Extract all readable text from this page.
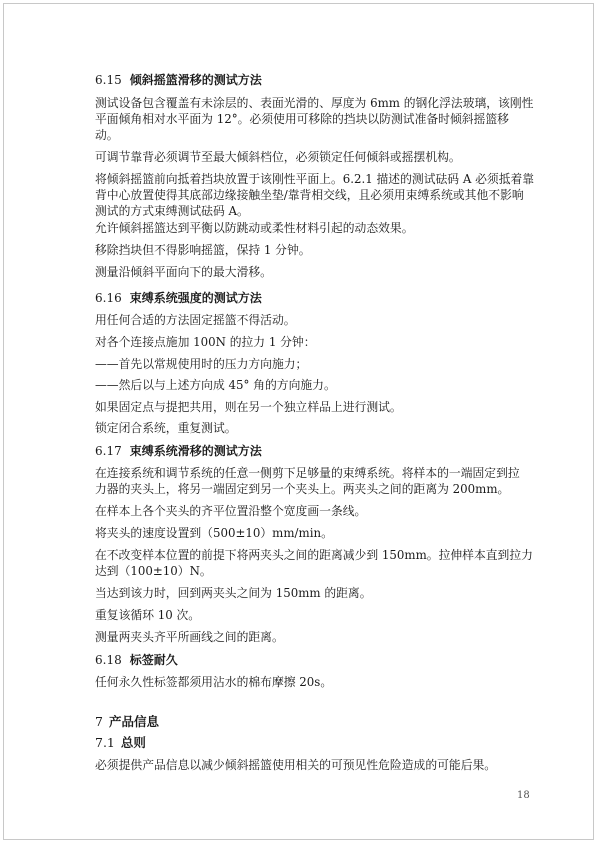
6.15 倾斜摇篮滑移的测试方法
测试设备包含覆盖有未涂层的、表面光滑的、厚度为 6mm 的钢化浮法玻璃，该刚性
平面倾角相对水平面为 12°。必须使用可移除的挡块以防测试准备时倾斜摇篮移
动。
可调节靠背必须调节至最大倾斜档位，必须锁定任何倾斜或摇摆机构。
将倾斜摇篮前向抵着挡块放置于该刚性平面上。6.2.1 描述的测试砝码 A 必须抵着靠
背中心放置使得其底部边缘接触坐垫/靠背相交线，且必须用束缚系统或其他不影响
测试的方式束缚测试砝码 A。
允许倾斜摇篮达到平衡以防跳动或柔性材料引起的动态效果。
移除挡块但不得影响摇篮，保持 1 分钟。
测量沿倾斜平面向下的最大滑移。
6.16 束缚系统强度的测试方法
用任何合适的方法固定摇篮不得活动。
对各个连接点施加 100N 的拉力 1 分钟：
——首先以常规使用时的压力方向施力；
——然后以与上述方向成 45° 角的方向施力。
如果固定点与提把共用，则在另一个独立样品上进行测试。
锁定闭合系统，重复测试。
6.17 束缚系统滑移的测试方法
在连接系统和调节系统的任意一侧剪下足够量的束缚系统。将样本的一端固定到拉
力器的夹头上，将另一端固定到另一个夹头上。两夹头之间的距离为 200mm。
在样本上各个夹头的齐平位置沿整个宽度画一条线。
将夹头的速度设置到（500±10）mm/min。
在不改变样本位置的前提下将两夹头之间的距离减少到 150mm。拉伸样本直到拉力
达到（100±10）N。
当达到该力时，回到两夹头之间为 150mm 的距离。
重复该循环 10 次。
测量两夹头齐平所画线之间的距离。
6.18 标签耐久
任何永久性标签都须用沾水的棉布摩擦 20s。
7 产品信息
7.1 总则
必须提供产品信息以减少倾斜摇篮使用相关的可预见性危险造成的可能后果。
18
